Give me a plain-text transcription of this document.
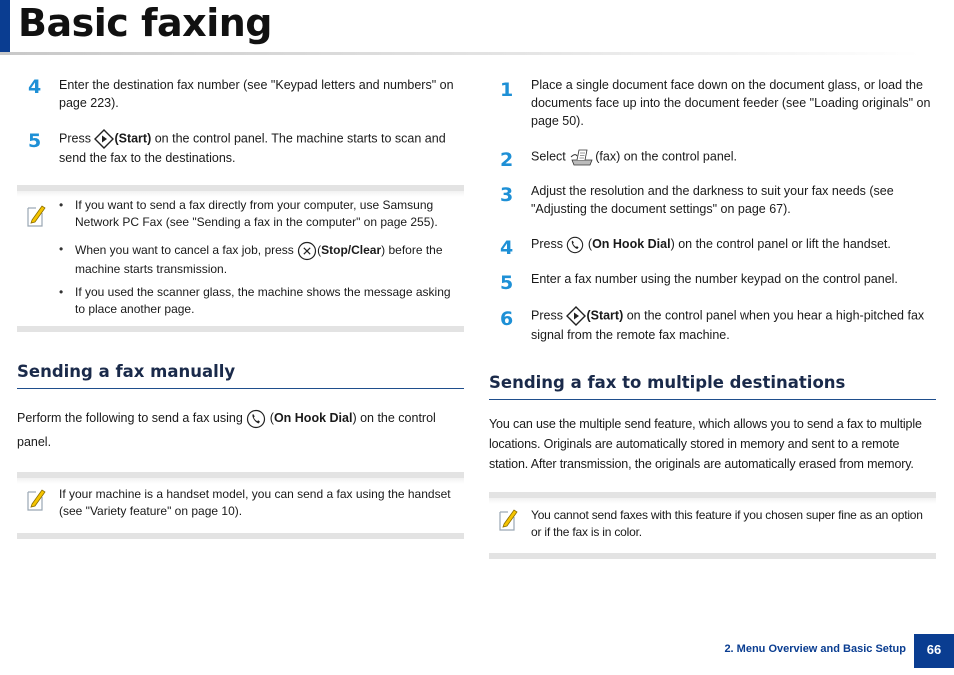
Basic faxing
4 Enter the destination fax number (see "Keypad letters and numbers" on page 223).
5 Press (Start) on the control panel. The machine starts to scan and send the fax to the destinations.
• If you want to send a fax directly from your computer, use Samsung Network PC Fax (see "Sending a fax in the computer" on page 255).
• When you want to cancel a fax job, press (Stop/Clear) before the machine starts transmission.
• If you used the scanner glass, the machine shows the message asking to place another page.
Sending a fax manually
Perform the following to send a fax using  (On Hook Dial) on the control panel.
If your machine is a handset model, you can send a fax using the handset (see "Variety feature" on page 10).
1 Place a single document face down on the document glass, or load the documents face up into the document feeder (see "Loading originals" on page 50).
2 Select (fax) on the control panel.
3 Adjust the resolution and the darkness to suit your fax needs (see "Adjusting the document settings" on page 67).
4 Press  (On Hook Dial) on the control panel or lift the handset.
5 Enter a fax number using the number keypad on the control panel.
6 Press (Start) on the control panel when you hear a high-pitched fax signal from the remote fax machine.
Sending a fax to multiple destinations
You can use the multiple send feature, which allows you to send a fax to multiple locations. Originals are automatically stored in memory and sent to a remote station. After transmission, the originals are automatically erased from memory.
You cannot send faxes with this feature if you chosen super fine as an option or if the fax is in color.
2. Menu Overview and Basic Setup	66
